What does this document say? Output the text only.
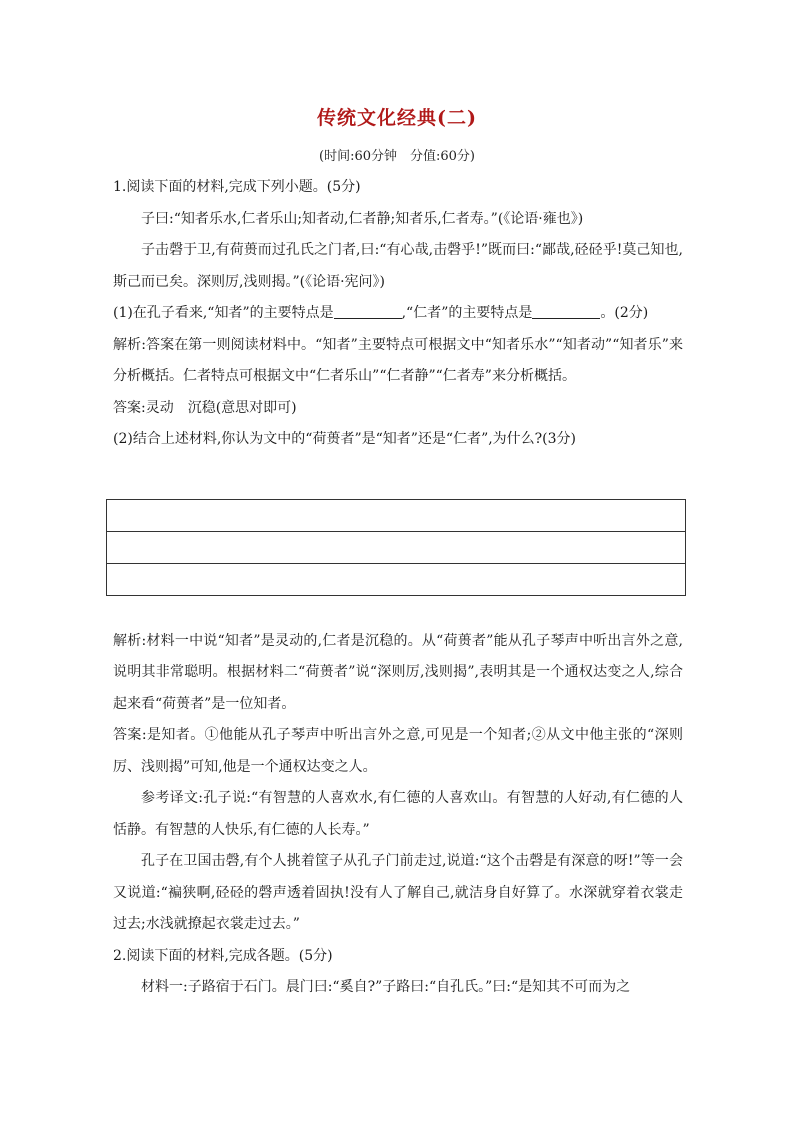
传统文化经典(二)
(时间:60分钟　分值:60分)

1.阅读下面的材料,完成下列小题。(5分)

子曰:“知者乐水,仁者乐山;知者动,仁者静;知者乐,仁者寿。”(《论语·雍也》)

子击磬于卫,有荷蒉而过孔氏之门者,曰:“有心哉,击磬乎!”既而曰:“鄙哉,硁硁乎!莫己知也,斯己而已矣。深则厉,浅则揭。”(《论语·宪问》)

(1)在孔子看来,“知者”的主要特点是	,“仁者”的主要特点是	。(2分)

解析:答案在第一则阅读材料中。“知者”主要特点可根据文中“知者乐水”“知者动”“知者乐”来分析概括。仁者特点可根据文中“仁者乐山”“仁者静”“仁者寿”来分析概括。

答案:灵动　沉稳(意思对即可)

(2)结合上述材料,你认为文中的“荷蒉者”是“知者”还是“仁者”,为什么?(3分)

解析:材料一中说“知者”是灵动的,仁者是沉稳的。从“荷蒉者”能从孔子琴声中听出言外之意,说明其非常聪明。根据材料二“荷蒉者”说“深则厉,浅则揭”,表明其是一个通权达变之人,综合起来看“荷蒉者”是一位知者。

答案:是知者。①他能从孔子琴声中听出言外之意,可见是一个知者;②从文中他主张的“深则厉、浅则揭”可知,他是一个通权达变之人。

参考译文:孔子说:“有智慧的人喜欢水,有仁德的人喜欢山。有智慧的人好动,有仁德的人恬静。有智慧的人快乐,有仁德的人长寿。”

孔子在卫国击磬,有个人挑着筐子从孔子门前走过,说道:“这个击磬是有深意的呀!”等一会又说道:“褊狭啊,硁硁的磬声透着固执!没有人了解自己,就洁身自好算了。水深就穿着衣裳走过去;水浅就撩起衣裳走过去。”

2.阅读下面的材料,完成各题。(5分)

材料一:子路宿于石门。晨门曰:“奚自?”子路曰:“自孔氏。”曰:“是知其不可而为之
